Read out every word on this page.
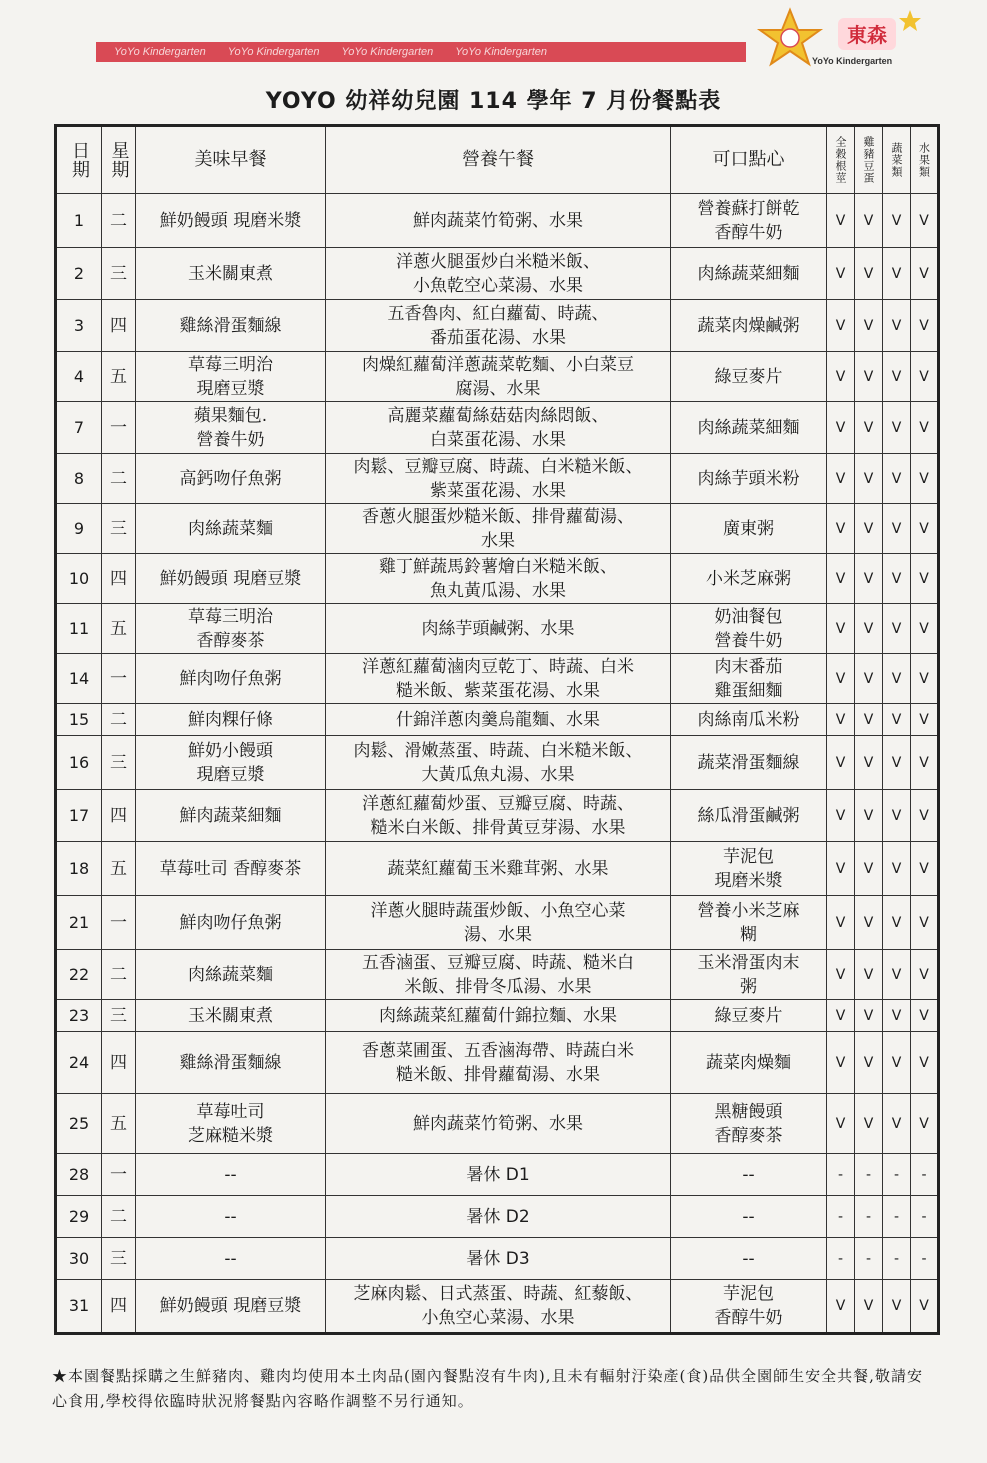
YoYo Kindergarten YoYo Kindergarten YoYo Kindergarten YoYo Kindergarten
東森
YoYo Kindergarten
YOYO 幼祥幼兒園 114 學年 7 月份餐點表
日期	星期	美味早餐	營養午餐	可口點心	全穀根莖	雞豬豆蛋	蔬菜類	水果類

1	二	鮮奶饅頭 現磨米漿	鮮肉蔬菜竹筍粥、水果	營養蘇打餅乾
香醇牛奶	V	V	V	V
2	三	玉米關東煮	洋蔥火腿蛋炒白米糙米飯、
小魚乾空心菜湯、水果	肉絲蔬菜細麵	V	V	V	V
3	四	雞絲滑蛋麵線	五香魯肉、紅白蘿蔔、時蔬、
番茄蛋花湯、水果	蔬菜肉燥鹹粥	V	V	V	V
4	五	草莓三明治
現磨豆漿	肉燥紅蘿蔔洋蔥蔬菜乾麵、小白菜豆
腐湯、水果	綠豆麥片	V	V	V	V
7	一	蘋果麵包.
營養牛奶	高麗菜蘿蔔絲菇菇肉絲悶飯、
白菜蛋花湯、水果	肉絲蔬菜細麵	V	V	V	V
8	二	高鈣吻仔魚粥	肉鬆、豆瓣豆腐、時蔬、白米糙米飯、
紫菜蛋花湯、水果	肉絲芋頭米粉	V	V	V	V
9	三	肉絲蔬菜麵	香蔥火腿蛋炒糙米飯、排骨蘿蔔湯、
水果	廣東粥	V	V	V	V
10	四	鮮奶饅頭 現磨豆漿	雞丁鮮蔬馬鈴薯燴白米糙米飯、
魚丸黃瓜湯、水果	小米芝麻粥	V	V	V	V
11	五	草莓三明治
香醇麥茶	肉絲芋頭鹹粥、水果	奶油餐包
營養牛奶	V	V	V	V
14	一	鮮肉吻仔魚粥	洋蔥紅蘿蔔滷肉豆乾丁、時蔬、白米
糙米飯、紫菜蛋花湯、水果	肉末番茄
雞蛋細麵	V	V	V	V
15	二	鮮肉粿仔條	什錦洋蔥肉羹烏龍麵、水果	肉絲南瓜米粉	V	V	V	V
16	三	鮮奶小饅頭
現磨豆漿	肉鬆、滑嫩蒸蛋、時蔬、白米糙米飯、
大黃瓜魚丸湯、水果	蔬菜滑蛋麵線	V	V	V	V
17	四	鮮肉蔬菜細麵	洋蔥紅蘿蔔炒蛋、豆瓣豆腐、時蔬、
糙米白米飯、排骨黃豆芽湯、水果	絲瓜滑蛋鹹粥	V	V	V	V
18	五	草莓吐司 香醇麥茶	蔬菜紅蘿蔔玉米雞茸粥、水果	芋泥包
現磨米漿	V	V	V	V
21	一	鮮肉吻仔魚粥	洋蔥火腿時蔬蛋炒飯、小魚空心菜
湯、水果	營養小米芝麻
糊	V	V	V	V
22	二	肉絲蔬菜麵	五香滷蛋、豆瓣豆腐、時蔬、糙米白
米飯、排骨冬瓜湯、水果	玉米滑蛋肉末
粥	V	V	V	V
23	三	玉米關東煮	肉絲蔬菜紅蘿蔔什錦拉麵、水果	綠豆麥片	V	V	V	V
24	四	雞絲滑蛋麵線	香蔥菜圃蛋、五香滷海帶、時蔬白米
糙米飯、排骨蘿蔔湯、水果	蔬菜肉燥麵	V	V	V	V
25	五	草莓吐司
芝麻糙米漿	鮮肉蔬菜竹筍粥、水果	黑糖饅頭
香醇麥茶	V	V	V	V
28	一	--	暑休 D1	--	-	-	-	-
29	二	--	暑休 D2	--	-	-	-	-
30	三	--	暑休 D3	--	-	-	-	-
31	四	鮮奶饅頭 現磨豆漿	芝麻肉鬆、日式蒸蛋、時蔬、紅藜飯、
小魚空心菜湯、水果	芋泥包
香醇牛奶	V	V	V	V
★本園餐點採購之生鮮豬肉、雞肉均使用本土肉品(園內餐點沒有牛肉),且未有輻射汙染產(食)品供全園師生安全共餐,敬請安心食用,學校得依臨時狀況將餐點內容略作調整不另行通知。
